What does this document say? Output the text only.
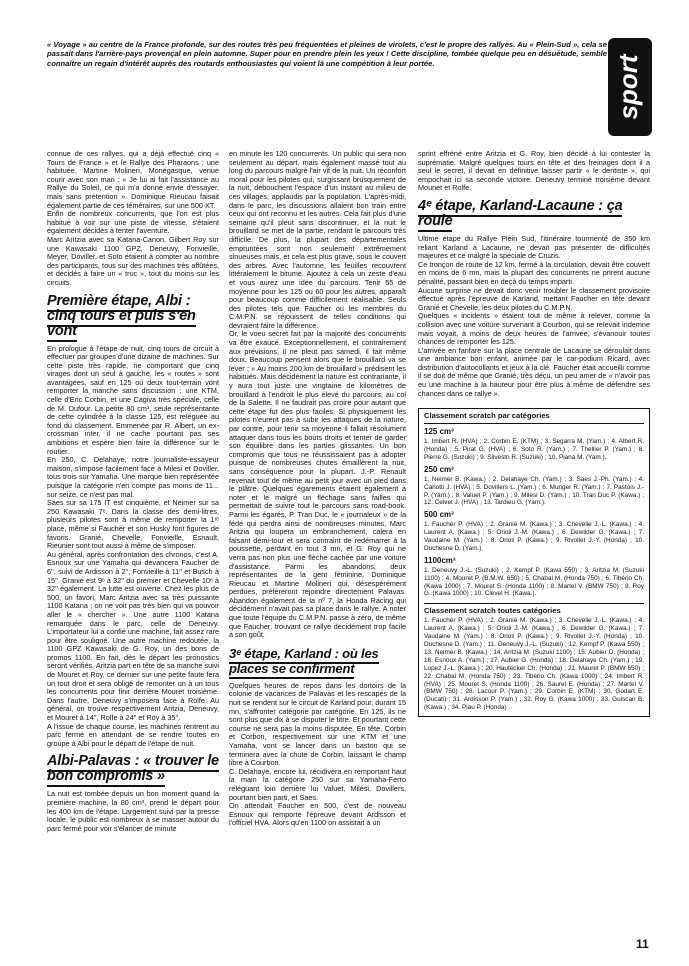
« Voyage » au centre de la France profonde, sur des routes très peu fréquentées et pleines de virolets, c'est le propre des rallyes. Au « Plein-Sud », cela se passait dans l'arrière-pays provençal en plein automne. Super pour en prendre plein les yeux ! Cette discipline, tombée quelque peu en désuétude, semble connaître un regain d'intérêt auprès des routards enthousiastes qui voient là une compétition à leur portée.	sport

connue de ces rallyes, qui a déjà effectué cinq « Tours de France » et le Rallye des Pharaons ; une habituée. Martine Molineri, Monégasque, venue courir avec son mari : « Je lui ai fait l'assistance au Rallye du Soleil, ce qui m'a donné envie d'essayer, mais sans prétention ». Dominique Rieucau faisait également partie de ces téméraires, sur une 500 XT.

Enfin de nombreux concurrents, que l'on est plus habitué à voir sur une piste de vitesse, s'étaient également décidés à tenter l'aventure.

Marc Aritzia avec sa Katana-Canon, Gilbert Roy sur une Kawasaki 1100 GPZ, Deneuvy, Fonvieille, Meyer, Doviller, et Soto étaient à compter au nombre des participants, tous sur des machines très affûtées, et décidés à faire un « truc », tout du moins sur les circuits.

Première étape, Albi : cinq tours et puis s'en vont

En prologue à l'étape de nuit, cinq tours de circuit à effectuer par groupes d'une dizaine de machines. Sur cette piste très rapide, ne comportant que cinq virages dont un seul à gauche, les « routes » sont avantagées, sauf en 125 où deux tout-terrain vont remporter la manche sans discussion ; une KTM, celle d'Eric Corbin, et une Cagiva très spéciale, celle de M. Dufour. La petite 80 cm³, seule représentante de cette cylindrée à la classe 125, est reléguée au fond du classement. Emmenée par R. Albert, un ex-crossman inter, il ne cache pourtant pas ses ambitions et espère bien faire la différence sur le routier.

En 250, C. Delahaye, notre journaliste-essayeur maison, s'impose facilement face à Milesi et Doviller, tous trois sur Yamaha. Une marque bien représentée puisque la catégorie n'en compte pas moins de 11... sur seize, ce n'est pas mal.

Saes sur sa 175 IT est cinquième, et Neimer sur sa 250 Kawasaki 7ᵉ. Dans la classe des demi-litres, plusieurs pilotes sont à même de remporter la 1ʳᵉ place, même si Faucher et son Husky font figures de favoris. Granié, Chevelle, Fonvieille, Esnault, Rieunier sont tout aussi à même de s'imposer.

Au général, après confrontation des chronos, c'est A. Esnoux sur une Yamaha qui devancera Faucher de 6'', suivi de Ardisson à 2'', Fonvieille à 11'' et Busch à 15''. Granié est 9ᵉ à 32'' du premier et Chevelle 10ᵉ à 32'' également. La lutte est ouverte. Chez les plus de 500, un favori, Marc Aritzia avec sa très puissante 1100 Katana ; on ne voit pas très bien qui va pouvoir aller le « chercher ». Une autre 1100 Katana remarquée dans le parc, celle de Deneuvy. L'importateur lui a confié une machine, fait assez rare pour être souligné. Une autre machine redoutée, la 1100 GPZ Kawasaki de G. Roy, un des bons de promos 1100. En fait, dès le départ les pronostics seront vérifiés. Aritzia part en tête de sa manche suivi de Mouret et Roy, ce dernier sur une petite faute fera un tout droit et sera obligé de remonter un à un tous les concurrents pour finir derrière Mouret troisième. Dans l'autre, Deneuvy s'imposera face à Rolfe. Au général, on trouve respectivement Aritzia, Deneuvy, et Mouret à 14'', Rolfe à 24'' et Roy à 35''.

A l'issue de chaque course, les machines rentrent au parc fermé en attendant de se rendre toutes en groupe à Albi pour le départ de l'étape de nuit.

Albi-Palavas : « trouver le bon compromis »

La nuit est tombée depuis un bon moment quand la première machine, la 80 cm³, prend le départ pour les 400 km de l'étape. Largement suivi par la presse locale, le public est nombreux à se masser autour du parc fermé pour voir s'élancer de minute

en minute les 120 concurrents. Un public qui sera non seulement au départ, mais également massé tout au long du parcours malgré l'air vif de la nuit. Un réconfort moral pour les pilotes qui, surgissant brusquement de la nuit, débouchent l'espace d'un instant au milieu de ces villages, applaudis par la population. L'après-midi, dans le parc, les discussions allaient bon train entre ceux qui ont reconnu et les autres. Cela fait plus d'une semaine qu'il pleut sans discontinuer, et la nuit le brouillard se met de la partie, rendant le parcours très difficile. De plus, la plupart des départementales empruntées sont non seulement extrêmement sinueuses mais, et cela est plus grave, sous le couvert des arbres. Avec l'automne, les feuilles recouvrent littéralement le bitume. Ajoutez à cela un zeste d'eau et vous aurez une idée du parcours. Tenir 55 de moyenne pour les 125 ou 60 pour les autres, apparaît pour beaucoup comme difficilement réalisable. Seuls des pilotes tels que Faucher ou les membres du C.M.P.N. se réjouissent de telles conditions qui devraient faire la différence.

Or, le voeu secret fait par la majorité des concurrents va être exaucé. Exceptionnellement, et contrairement aux prévisions, il ne pleut pas samedi, il fait même doux. Beaucoup pensent alors que le brouillard va se lever ; « Au moins 200 km de brouillard » prédisent les habitués. Mais décidément la nature est contrariante, il y aura tout juste une vingtaine de kilomètres de brouillard à l'endroit le plus élevé du parcours, au col de la Salette. Il ne faudrait pas croire pour autant que cette étape fut des plus faciles. Si physiquement les pilotes n'eurent pas à subir les attaques de la nature, par contre, pour tenir sa moyenne il fallait résolument attaquer dans tous les bouts droits et tenter de garder son équilibre dans les parties glissantes. Un bon compromis que tous ne réussissaient pas à adopter puisque de nombreuses chutes émaillèrent la nuit, sans conséquence pour la plupart. J.-P. Renault revenait tout de même au petit jour avec un pied dans le plâtre. Quelques égarements étaient également à noter et le malgré un fléchage sans failles qui permettait de suivre tout le parcours sans road-book. Parmi les égarés, P. Tran Duc, le « journaleux » de la fédé qui perdra ainsi de nombreuses minutes, Marc Aritzia qui loupera un embranchement, calera en faisant demi-tour et sera contraint de redémarrer à la poussette, perdant en tout 3 mn, et G. Roy qui ne verra pas non plus une flèche cachée par une voiture d'assistance. Parmi les abandons, deux représentantes de la gent féminine, Dominique Rieucau et Martine Molineri qui, désespérément perdues, préféreront rejoindre directement Palavas. Abandon également de la nº 7, la Honda Racing qui décidément n'avait pas sa place dans le rallye. A noter que toute l'équipe du C.M.P.N. passe à zéro, de même que Faucher, trouvant ce rallye décidément trop facile à son goût.

3ᵉ étape, Karland : où les places se confirment

Quelques heures de repos dans les dortoirs de la colonie de vacances de Palavas et les rescapés de la nuit se rendent sur le circuit de Karland pour, durant 15 mn, s'affronter catégorie par catégorie. En 125, ils ne sont plus que dix à se disputer le titre. Et pourtant cette course ne sera pas la moins disputée. En tête, Corbin et Corbon, respectivement sur une KTM et une Yamaha, vont se lancer dans un baston qui se terminera avec la chute de Corbin, laissant le champ libre à Courbon.

C. Delahaye, encore lui, récidivera en remportant haut la main la catégorie 250 sur sa Yamaha-Ferro reléguant loin derrière lui Valuet, Milési, Dovillers, pourtant bien parti, et Saes.

On attendait Faucher en 500, c'est de nouveau Esnoux qui remporte l'épreuve devant Ardisson et l'officiel HVA. Alors qu'en 1100 on assistait à un

sprint effréné entre Aritzia et G. Roy, bien décidé à lui contester la suprématie. Malgré quelques tours en tête et des freinages dont il a seul le secret, il devait en définitive laisser partir « le dentiste », qui empochait ici sa seconde victoire. Deneuvy terminé troisième devant Mounet et Rolfe.

4ᵉ étape, Karland-Lacaune : ça roule

Ultime étape du Rallye Plein Sud, l'itinéraire tourmenté de 350 km reliant Karland à Lacaune, ne devait pas présenter de difficultés majeures et ce malgré la spéciale de Cruzis.

Ce tronçon de route de 12 km, fermé à la circulation, devait être couvert en moins de 6 mn, mais la plupart des concurrents ne prirent aucune pénalité, passant bien en deçà du temps imparti.

Aucune surprise ne devait donc venir troubler le classement provisoire effectué après l'épreuve de Karland, mettant Faucher en tête devant Granié et Chevelle, les deux pilotes du C.M.P.N.

Quelques « incidents » étaient tout de même à relever, comme la collision avec une voiture survenant à Courbon, qui se relevait indemne mais voyait, à moins de deux heures de l'arrivée, s'évanouir toutes chances de remporter les 125.

L'arrivée en fanfare sur la place centrale de Lacaune se déroulait dans une ambiance bon enfant, animée par le car-podium Ricard, avec distribution d'autocollants et jeux à la clé. Faucher était accueilli comme il se doit de même que Granié, très déçu, un peu amer de « n'avoir pas eu une machine à la hauteur pour être plus à même de défendre ses chances dans ce rallye ».

Classement scratch par catégories
125 cm³

1. Imbert R. (HVA) ; 2. Corbin E. (KTM) ; 3. Segarra M. (Yam.) ; 4. Albert R. (Honda) ; 5. Pirat G. (HVA) ; 6. Soto R. (Yam.) ; 7. Thellier P. (Yam.) ; 8. Pierre G. (Suzuki) ; 9. Silvestri R. (Suzuki) ; 10. Piana M. (Yam.).

250 cm³

1. Neimer B. (Kawa.) ; 2. Delahaye Ch. (Yam.) ; 3. Saes J.-Ph. (Yam.) ; 4. Carlotti J. (HVA) ; 5. Dovillers L. (Yam.) ; 6. Munger R. (Yam.) ; 7. Pastois J.-P. (Yam.) ; 8. Valuet P. (Yam.) ; 9. Milesi D. (Yam.) ; 10. Tran Duc P. (Kawa.) ; 12. Celvet J. (HVA) ; 13. Tardieu G. (Yam.).

500 cm³

1. Faucher P. (HVA) ; 2. Granié M. (Kawa.) ; 3. Chevelle J.-L. (Kawa.) ; 4. Laurent A. (Kawa.) ; 5. Orioli J.-M. (Kawa.) ; 6. Dewilder G. (Kawa.) ; 7. Vaudaine M. (Yam.) ; 8. Orioli P. (Kawa.) ; 9. Rivollet J.-Y. (Honda) ; 10. Duchesne D. (Yam.).

1100cm³

1. Deneuvy J.-L. (Suzuki) ; 2. Kempf P. (Kawa 550) ; 3. Aritzia M. (Suzuki 1100) ; 4. Mouret P. (B.M.W. 650) ; 5. Chabal M. (Honda 750) ; 6. Tibério Ch. (Kawa 1000) ; 7. Mouret S. (Honda 1100) ; 8. Martel V. (BMW 750) ; 9. Roy G. (Kawa 1000) ; 10. Clevel H. (Kawa.).

Classement scratch toutes catégories

1. Faucher P. (HVA) ; 2. Granié M. (Kawa.) ; 3. Chevelle J.-L. (Kawa.) ; 4. Laurent A. (Kawa.) ; 5. Orioli J.-M. (Kawa.) ; 6. Dewilder G. (Kawa.) ; 7. Vaudaine M. (Yam.) ; 8. Orioli P. (Kawa.) ; 9. Rivollet J.-Y. (Honda) ; 10. Duchesne D. (Yam.) ; 11. Deneuvy J.-L. (Suzuki) ; 12. Kempf P. (Kawa 550) ; 13. Neimer B. (Kawa.) ; 14. Aritzia M. (Suzuki 1100) ; 15. Aubier D. (Honda) ; 16. Esnoux A. (Yam.) ; 17. Aubier G. (Honda) ; 18. Delahaye Ch. (Yam.) ; 19. Lopez J.-L. (Kawa.) ; 20. Hautecker Ch. (Honda) ; 21. Mauret P. (BMW 650) ; 22. Chabal M. (Honda 750) ; 23. Tibério Ch. (Kawa 1000) ; 24. Imbert R. (HVA) ; 25. Mouret S. (Honda 1100) ; 26. Saurel E. (Honda) ; 27. Martel V. (BMW 750) ; 28. Lacour P. (Yam.) ; 29. Corbin E. (KTM) ; 30. Godart E. (Ducati) ; 31. Ardisson P. (Yam.) ; 32. Roy G. (Kawa 1000) ; 33. Guiscan B. (Kawa.) ; 34. Piau P. (Honda) .

11
